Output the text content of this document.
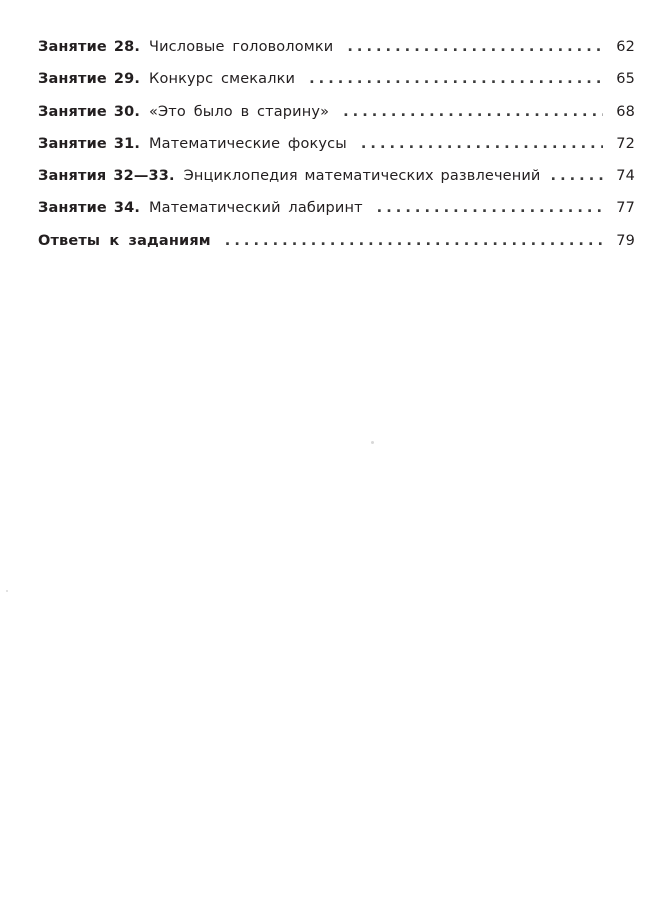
Занятие 28. Числовые головоломки . . .	62
Занятие 29. Конкурс смекалки . . .	65
Занятие 30. «Это было в старину» . . .	68
Занятие 31. Математические фокусы . . .	72
Занятия 32—33. Энциклопедия математических развлечений . . .	74
Занятие 34. Математический лабиринт . . .	77
Ответы к заданиям . . .	79
